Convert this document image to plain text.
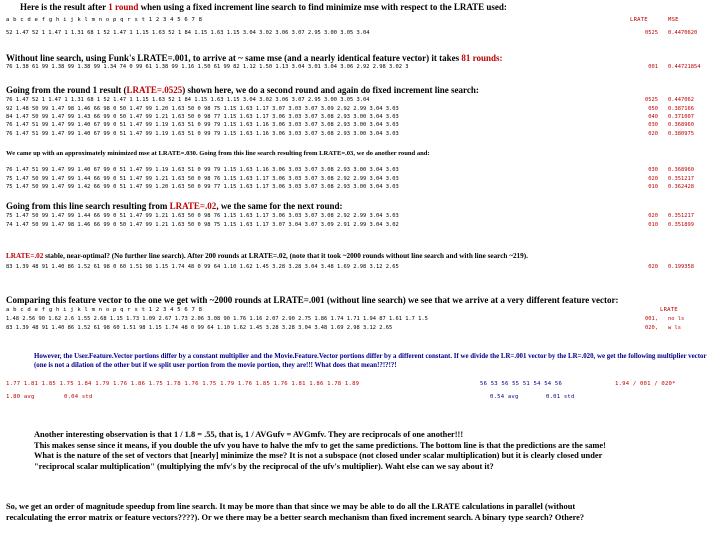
Here is the result after 1 round when using a fixed increment line search to find minimize mse with respect to the LRATE used:
a b c d e f g h i j k l m n o p q r s t 1 2 3 4 5 6 7 8	LRATE	MSE
52 1.47 52 1 1.47 1 1.31 68 1 52 1.47 1 1.15 1.63 52 1 84 1.15 1.63 1.15 3.04 3.02 3.06 3.07 2.95 3.00 3.05 3.04	0525 0.4470620
Without line search, using Funk's LRATE=.001, to arrive at ~ same mse (and a nearly identical feature vector) it takes 81 rounds:
76 1.38 61 99 1.38 99 1.38 99 1.34 74 0 99 61 1.38 99 1.16 1.50 61 99 82 1.12 1.50 1.13 3.04 3.01 3.04 3.06 2.92 2.98 3.02 3	001 0.44721854
Going from the round 1 result (LRATE=.0525) shown here, we do a second round and again do fixed increment line search:
76 1.47 52 1 1.47 1 1.31 68 1 52 1.47 1 1.15 1.63 52 1 84 1.15 1.63 1.15 3.04 3.02 3.06 3.07 2.95 3.00 3.05 3.04	0525 0.447062
92 1.48 50 99 1.47 98 1.46 66 98 0 50 1.47 99 1.20 1.63 50 0 98 75 1.15 1.63 1.17 3.07 3.03 3.07 3.09 2.92 2.99 3.04 3.03	050 0.387166
84 1.47 50 99 1.47 99 1.43 66 99 0 50 1.47 99 1.21 1.63 50 0 98 77 1.15 1.63 1.17 3.06 3.03 3.07 3.08 2.93 3.00 3.04 3.03	040 0.371007
76 1.47 51 99 1.47 99 1.40 67 99 0 51 1.47 99 1.19 1.63 51 0 99 79 1.15 1.63 1.16 3.06 3.03 3.07 3.08 2.93 3.00 3.04 3.03	030 0.368960
76 1.47 51 99 1.47 99 1.40 67 99 0 51 1.47 99 1.19 1.63 51 0 99 79 1.15 1.63 1.16 3.06 3.03 3.07 3.08 2.93 3.00 3.04 3.03	020 0.380975
We came up with an approximately minimized mse at LRATE=.030. Going from this line search resulting from LRATE=.03, we do another round and:
76 1.47 51 99 1.47 99 1.40 67 99 0 51 1.47 99 1.19 1.63 51 0 99 79 1.15 1.63 1.16 3.06 3.03 3.07 3.08 2.93 3.00 3.04 3.03	030 0.368960
75 1.47 50 99 1.47 99 1.44 66 99 0 51 1.47 99 1.21 1.63 50 0 98 76 1.15 1.63 1.17 3.06 3.03 3.07 3.08 2.92 2.99 3.04 3.03	020 0.351217
75 1.47 50 99 1.47 99 1.42 66 99 0 51 1.47 99 1.20 1.63 50 0 99 77 1.15 1.63 1.17 3.06 3.03 3.07 3.08 2.93 3.00 3.04 3.03	010 0.362428
Going from this line search resulting from LRATE=.02, we the same for the next round:
75 1.47 50 99 1.47 99 1.44 66 99 0 51 1.47 99 1.21 1.63 50 0 98 76 1.15 1.63 1.17 3.06 3.03 3.07 3.08 2.92 2.99 3.04 3.03	020 0.351217
74 1.47 50 99 1.47 98 1.46 66 99 0 50 1.47 99 1.21 1.63 50 0 98 75 1.15 1.63 1.17 3.07 3.04 3.07 3.09 2.91 2.99 3.04 3.02	010 0.351899
LRATE=.02 stable, near-optimal? (No further line search). After 200 rounds at LRATE=.02, (note that it took ~2000 rounds without line search and with line search ~219).
83 1.39 48 91 1.40 86 1.52 61 98 0 60 1.51 98 1.15 1.74 48 0 99 64 1.10 1.62 1.45 3.28 3.28 3.04 3.48 1.69 2.98 3.12 2.65	020 0.199358
Comparing this feature vector to the one we get with ~2000 rounds at LRATE=.001 (without line search) we see that we arrive at a very different feature vector:
a b c d e f g h i j k l m n o p q r s t 1 2 3 4 5 6 7 8	LRATE
1.48 2.56 90 1.62 2.6 1.55 2.68 1.15 1.73 1.09 2.67 1.73 2.06 3.08 90 1.76 1.16 2.07 2.90 2.75 1.86 1.74 1.71 1.94 87 1.61 1.7 1.5	001, no ls
83 1.39 48 91 1.40 86 1.52 61 98 60 1.51 98 1.15 1.74 48 0 99 64 1.10 1.62 1.45 3.28 3.28 3.04 3.48 1.69 2.98 3.12 2.65	020, w ls
However, the User.Feature.Vector portions differ by a constant multiplier and the Movie.Feature.Vector portions differ by a different constant. If we divide the LR=.001 vector by the LR=.020, we get the following multiplier vector (one is not a dilation of the other but if we split user portion from the movie portion, they are!!! What does that mean!?!?!?!
1.77 1.81 1.85 1.75 1.84 1.79 1.76 1.86 1.75 1.78 1.76 1.75 1.79 1.76 1.85 1.76 1.81 1.86 1.78 1.89	56 53 56 55 51 54 54 56	1.94 / 001 / 020*
1.80 avg	0.04 std	0.54 avg	0.01 std
Another interesting observation is that 1 / 1.8 = .55, that is, 1 / AVGufv = AVGmfv. They are reciprocals of one another!!!
This makes sense since it means, if you double the ufv you have to halve the mfv to get the same predictions. The bottom line is that the predictions are the same!
What is the nature of the set of vectors that [nearly] minimize the mse? It is not a subspace (not closed under scalar multiplication) but it is clearly closed under
"reciprocal scalar multiplication" (multiplying the mfv's by the reciprocal of the ufv's multiplier). Waht else can we say about it?
So, we get an order of magnitude speedup from line search. It may be more than that since we may be able to do all the LRATE calculations in parallel (without
recalculating the error matrix or feature vectors????). Or we there may be a better search mechanism than fixed increment search. A binary type search? Othere?
